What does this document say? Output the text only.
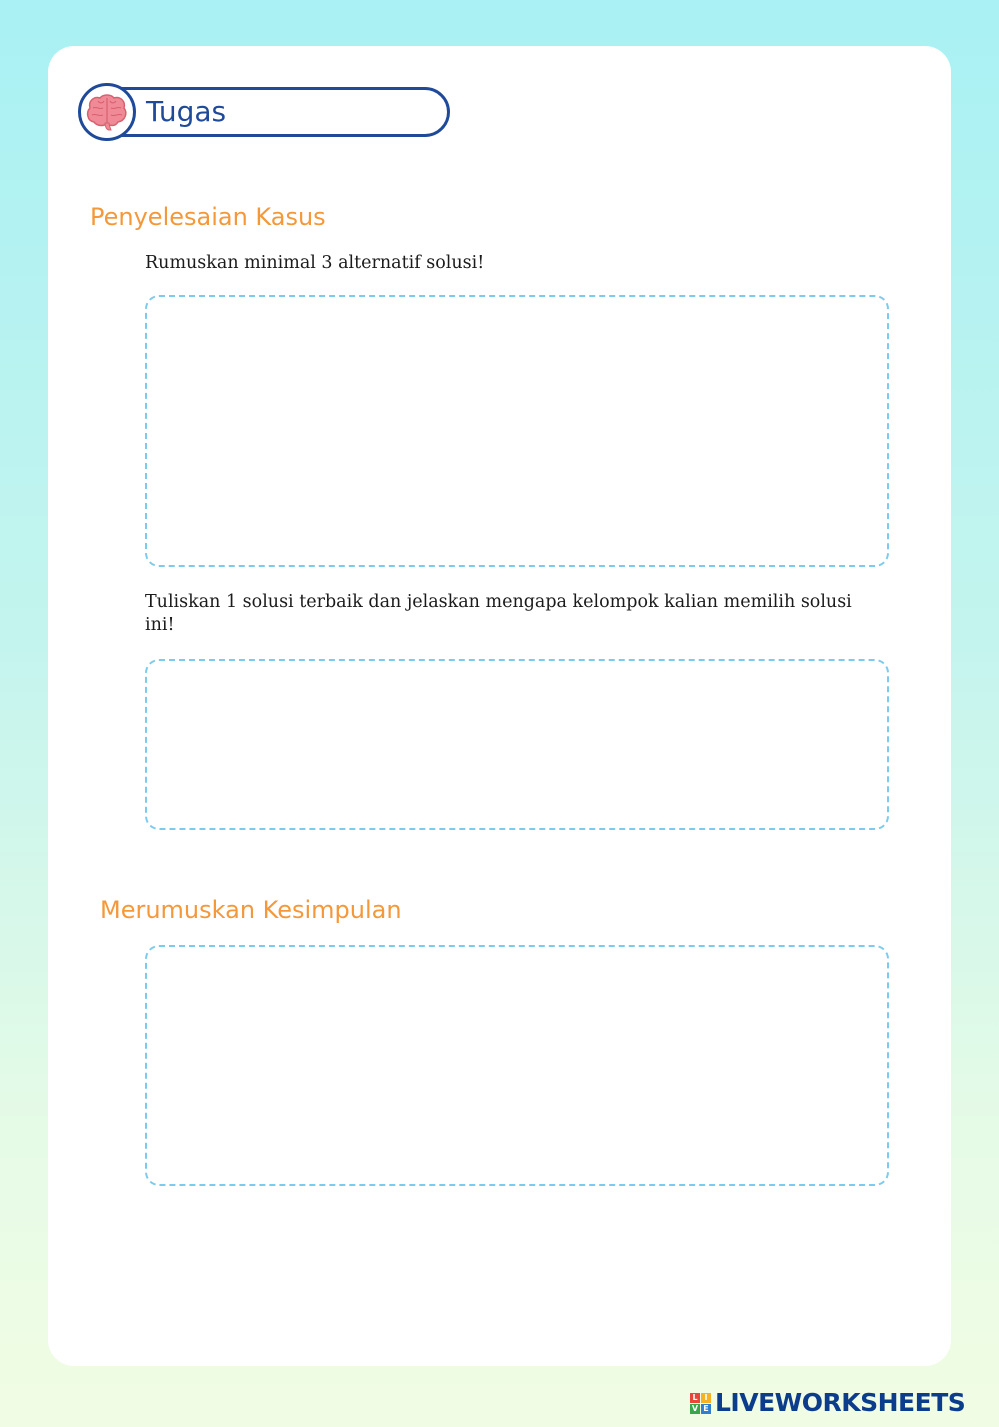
Tugas
Penyelesaian Kasus
Rumuskan minimal 3 alternatif solusi!
Tuliskan 1 solusi terbaik dan jelaskan mengapa kelompok kalian memilih solusi ini!
Merumuskan Kesimpulan
L I
V E LIVEWORKSHEETS
